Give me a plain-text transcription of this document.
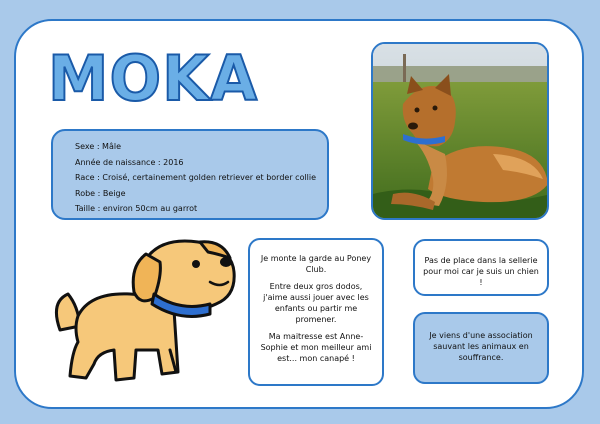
MOKA
Sexe : Mâle
Année de naissance : 2016
Race : Croisé, certainement golden retriever et border collie
Robe : Beige
Taille : environ 50cm au garrot

Je monte la garde au Poney Club.

Entre deux gros dodos, j'aime aussi jouer avec les enfants ou partir me promener.

Ma maitresse est Anne-Sophie et mon meilleur ami est... mon canapé !

Pas de place dans la sellerie pour moi car je suis un chien !
Je viens d'une association sauvant les animaux en souffrance.
